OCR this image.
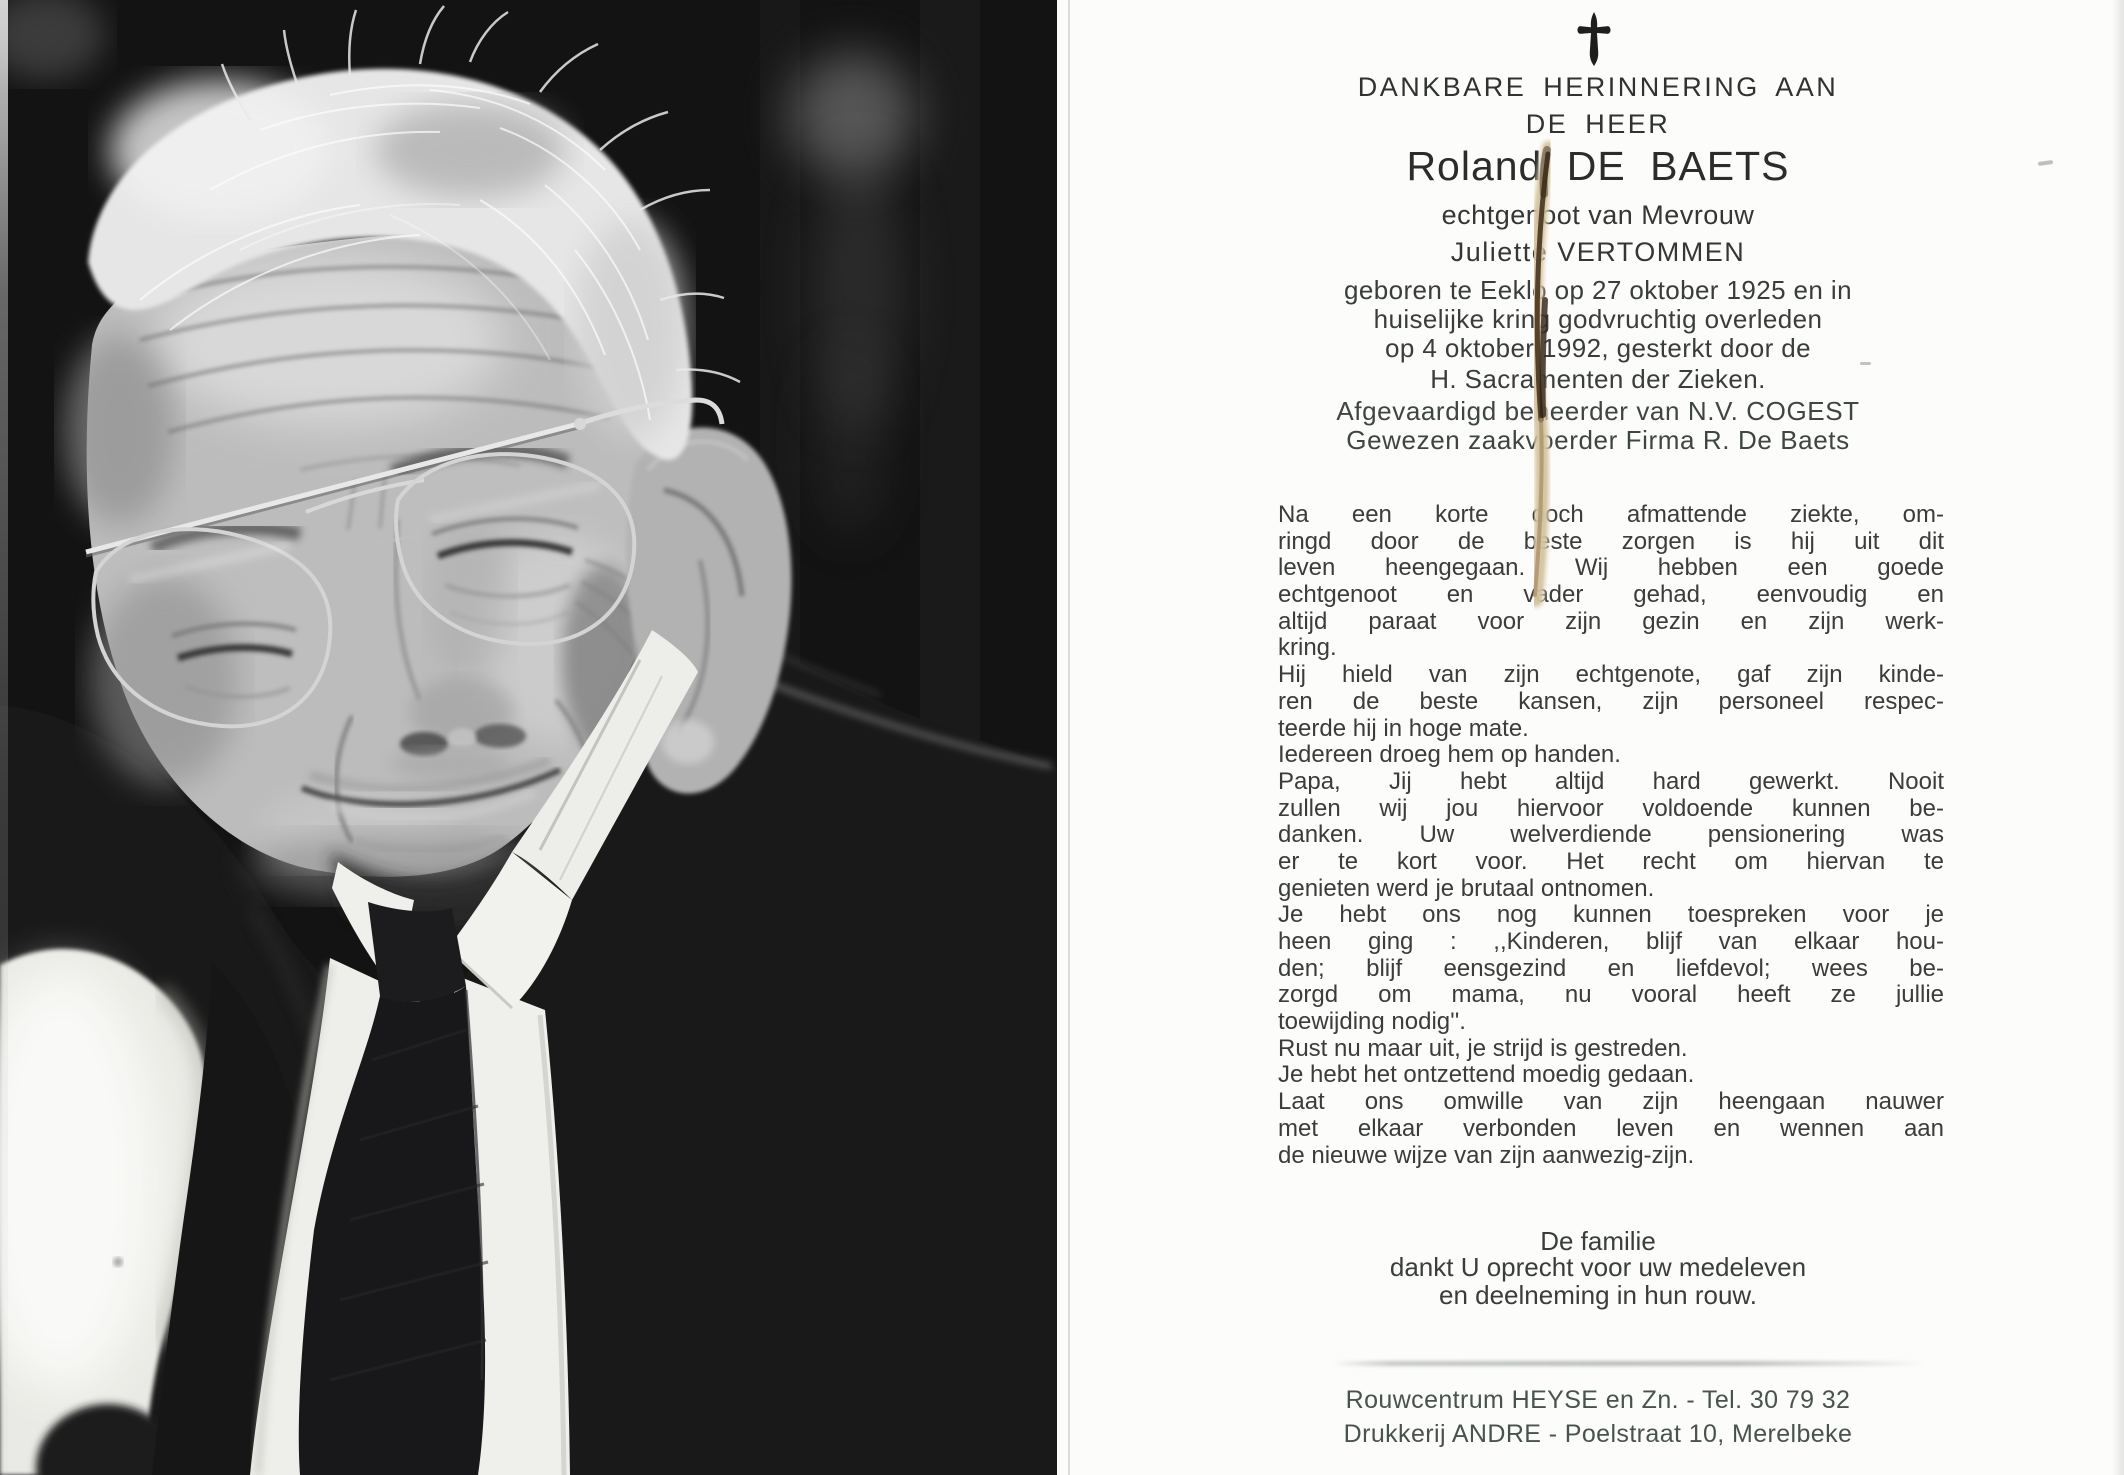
DANKBARE HERINNERING AAN
DE HEER
Roland DE BAETS
echtgenoot van Mevrouw
Juliette VERTOMMEN
geboren te Eeklo op 27 oktober 1925 en in
huiselijke kring godvruchtig overleden
op 4 oktober 1992, gesterkt door de
H. Sacramenten der Zieken.
Afgevaardigd beheerder van N.V. COGEST
Gewezen zaakvoerder Firma R. De Baets
Na een korte doch afmattende ziekte, om-
ringd door de beste zorgen is hij uit dit
leven heengegaan. Wij hebben een goede
echtgenoot en vader gehad, eenvoudig en
altijd paraat voor zijn gezin en zijn werk-
kring.
Hij hield van zijn echtgenote, gaf zijn kinde-
ren de beste kansen, zijn personeel respec-
teerde hij in hoge mate.
Iedereen droeg hem op handen.
Papa, Jij hebt altijd hard gewerkt. Nooit
zullen wij jou hiervoor voldoende kunnen be-
danken. Uw welverdiende pensionering was
er te kort voor. Het recht om hiervan te
genieten werd je brutaal ontnomen.
Je hebt ons nog kunnen toespreken voor je
heen ging : ,,Kinderen, blijf van elkaar hou-
den; blijf eensgezind en liefdevol; wees be-
zorgd om mama, nu vooral heeft ze jullie
toewijding nodig''.
Rust nu maar uit, je strijd is gestreden.
Je hebt het ontzettend moedig gedaan.
Laat ons omwille van zijn heengaan nauwer
met elkaar verbonden leven en wennen aan
de nieuwe wijze van zijn aanwezig-zijn.
De familie
dankt U oprecht voor uw medeleven
en deelneming in hun rouw.
Rouwcentrum HEYSE en Zn. - Tel. 30 79 32
Drukkerij ANDRE - Poelstraat 10, Merelbeke
